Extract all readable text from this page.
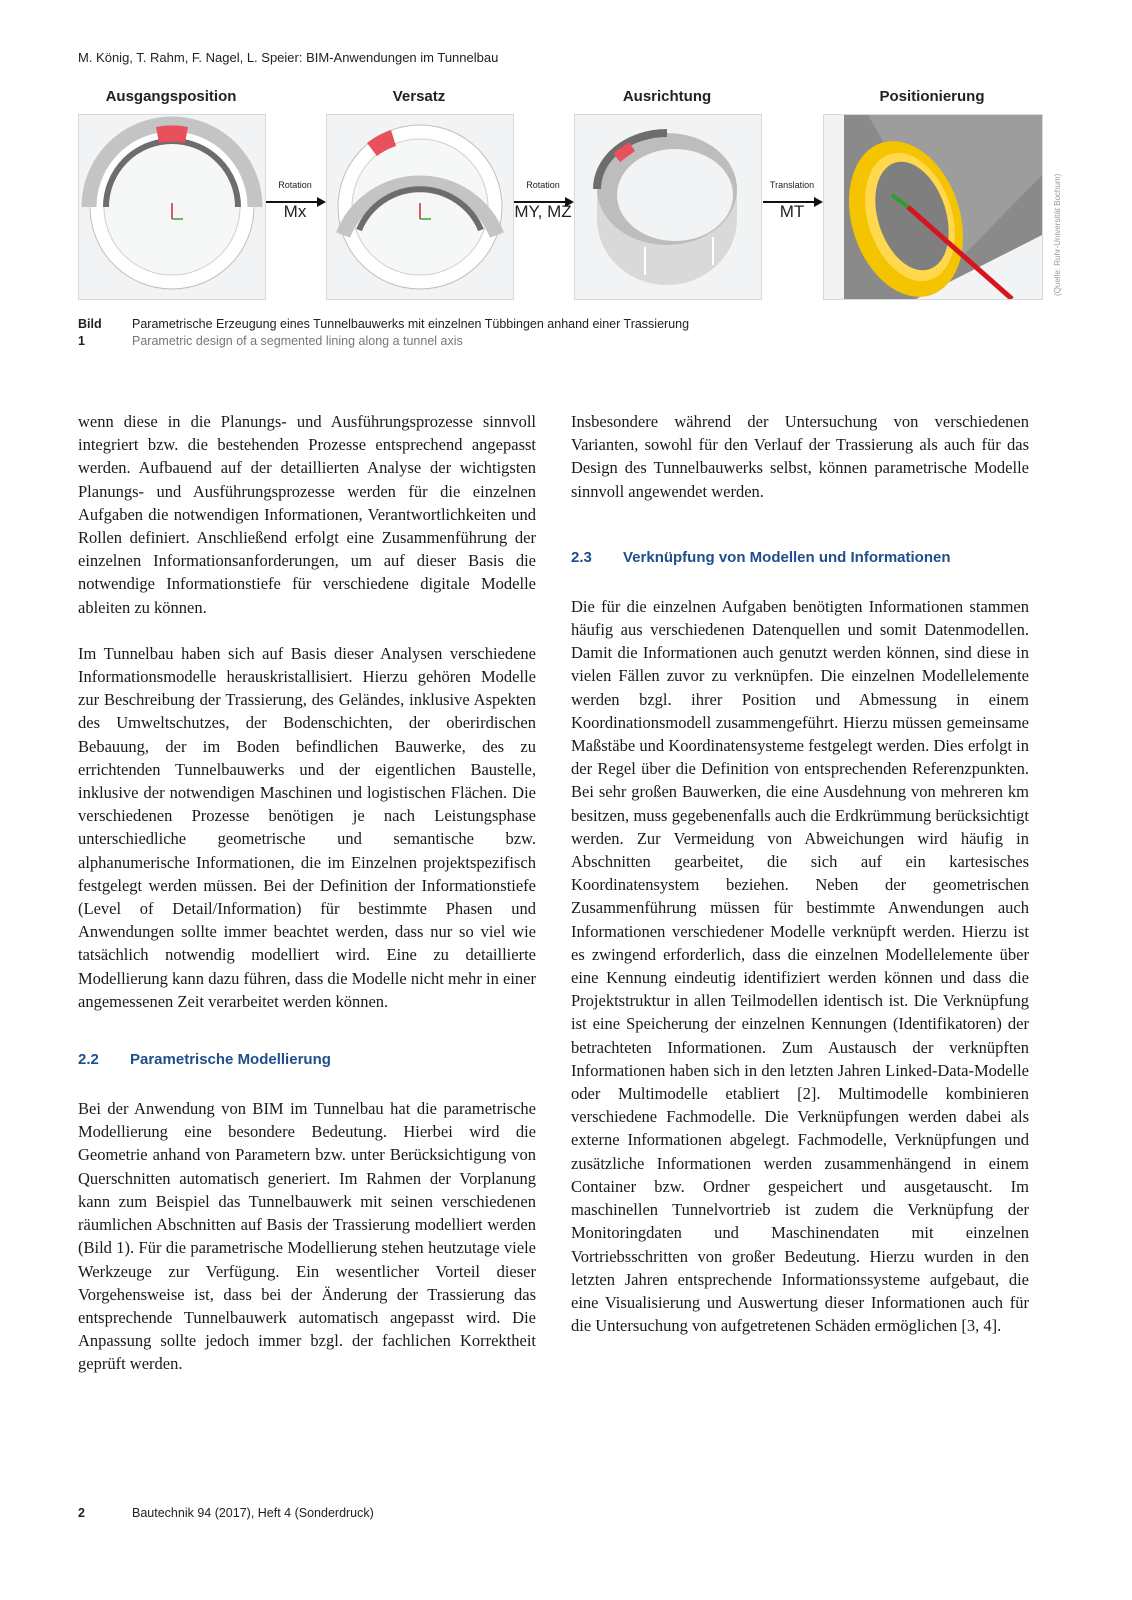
M. König, T. Rahm, F. Nagel, L. Speier: BIM-Anwendungen im Tunnelbau
Ausgangsposition	Versatz	Ausrichtung	Positionierung
Rotation
Mx
Rotation
MY, MZ
Translation
MT	(Quelle: Ruhr-Universität Bochum)
Bild 1
Parametrische Erzeugung eines Tunnelbauwerks mit einzelnen Tübbingen anhand einer Trassierung
Parametric design of a segmented lining along a tunnel axis

wenn diese in die Planungs- und Ausführungsprozesse sinnvoll integriert bzw. die bestehenden Prozesse entsprechend angepasst werden. Aufbauend auf der detaillierten Analyse der wichtigsten Planungs- und Ausführungsprozesse werden für die einzelnen Aufgaben die notwendigen Informationen, Verantwortlichkeiten und Rollen definiert. Anschließend erfolgt eine Zusammenführung der einzelnen Informationsanforderungen, um auf dieser Basis die notwendige Informationstiefe für verschiedene digitale Modelle ableiten zu können.

Im Tunnelbau haben sich auf Basis dieser Analysen verschiedene Informationsmodelle herauskristallisiert. Hierzu gehören Modelle zur Beschreibung der Trassierung, des Geländes, inklusive Aspekten des Umweltschutzes, der Bodenschichten, der oberirdischen Bebauung, der im Boden befindlichen Bauwerke, des zu errichtenden Tunnelbauwerks und der eigentlichen Baustelle, inklusive der notwendigen Maschinen und logistischen Flächen. Die verschiedenen Prozesse benötigen je nach Leistungsphase unterschiedliche geometrische und semantische bzw. alphanumerische Informationen, die im Einzelnen projektspezifisch festgelegt werden müssen. Bei der Definition der Informationstiefe (Level of Detail/Information) für bestimmte Phasen und Anwendungen sollte immer beachtet werden, dass nur so viel wie tatsächlich notwendig modelliert wird. Eine zu detaillierte Modellierung kann dazu führen, dass die Modelle nicht mehr in einer angemessenen Zeit verarbeitet werden können.

2.2 Parametrische Modellierung

Bei der Anwendung von BIM im Tunnelbau hat die parametrische Modellierung eine besondere Bedeutung. Hierbei wird die Geometrie anhand von Parametern bzw. unter Berücksichtigung von Querschnitten automatisch generiert. Im Rahmen der Vorplanung kann zum Beispiel das Tunnelbauwerk mit seinen verschiedenen räumlichen Abschnitten auf Basis der Trassierung modelliert werden (Bild 1). Für die parametrische Modellierung stehen heutzutage viele Werkzeuge zur Verfügung. Ein wesentlicher Vorteil dieser Vorgehensweise ist, dass bei der Änderung der Trassierung das entsprechende Tunnelbauwerk automatisch angepasst wird. Die Anpassung sollte jedoch immer bzgl. der fachlichen Korrektheit geprüft werden.

Insbesondere während der Untersuchung von verschiedenen Varianten, sowohl für den Verlauf der Trassierung als auch für das Design des Tunnelbauwerks selbst, können parametrische Modelle sinnvoll angewendet werden.

2.3 Verknüpfung von Modellen und Informationen

Die für die einzelnen Aufgaben benötigten Informationen stammen häufig aus verschiedenen Datenquellen und somit Datenmodellen. Damit die Informationen auch genutzt werden können, sind diese in vielen Fällen zuvor zu verknüpfen. Die einzelnen Modellelemente werden bzgl. ihrer Position und Abmessung in einem Koordinationsmodell zusammengeführt. Hierzu müssen gemeinsame Maßstäbe und Koordinatensysteme festgelegt werden. Dies erfolgt in der Regel über die Definition von entsprechenden Referenzpunkten. Bei sehr großen Bauwerken, die eine Ausdehnung von mehreren km besitzen, muss gegebenenfalls auch die Erdkrümmung berücksichtigt werden. Zur Vermeidung von Abweichungen wird häufig in Abschnitten gearbeitet, die sich auf ein kartesisches Koordinatensystem beziehen. Neben der geometrischen Zusammenführung müssen für bestimmte Anwendungen auch Informationen verschiedener Modelle verknüpft werden. Hierzu ist es zwingend erforderlich, dass die einzelnen Modellelemente über eine Kennung eindeutig identifiziert werden können und dass die Projektstruktur in allen Teilmodellen identisch ist. Die Verknüpfung ist eine Speicherung der einzelnen Kennungen (Identifikatoren) der betrachteten Informationen. Zum Austausch der verknüpften Informationen haben sich in den letzten Jahren Linked-Data-Modelle oder Multimodelle etabliert [2]. Multimodelle kombinieren verschiedene Fachmodelle. Die Verknüpfungen werden dabei als externe Informationen abgelegt. Fachmodelle, Verknüpfungen und zusätzliche Informationen werden zusammenhängend in einem Container bzw. Ordner gespeichert und ausgetauscht. Im maschinellen Tunnelvortrieb ist zudem die Verknüpfung der Monitoringdaten und Maschinendaten mit einzelnen Vortriebsschritten von großer Bedeutung. Hierzu wurden in den letzten Jahren entsprechende Informationssysteme aufgebaut, die eine Visualisierung und Auswertung dieser Informationen auch für die Untersuchung von aufgetretenen Schäden ermöglichen [3, 4].

2	Bautechnik 94 (2017), Heft 4 (Sonderdruck)
